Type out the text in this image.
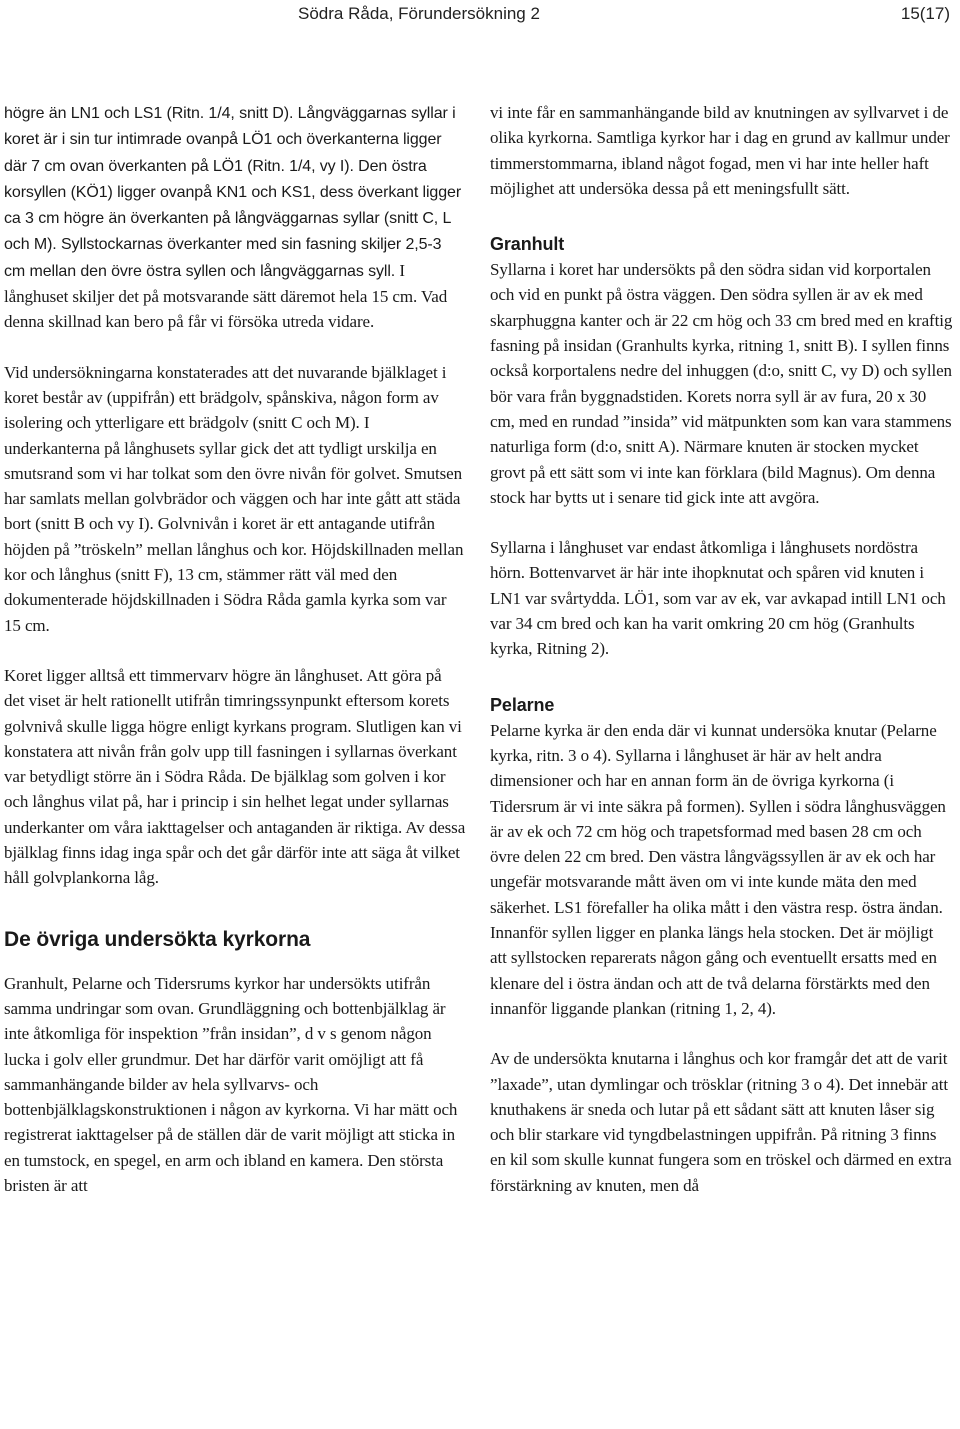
Södra Råda, Förundersökning 2	15(17)

högre än LN1 och LS1 (Ritn. 1/4, snitt D). Långväggarnas syllar i koret är i sin tur intimrade ovanpå LÖ1 och överkanterna ligger där 7 cm ovan överkanten på LÖ1 (Ritn. 1/4, vy I). Den östra korsyllen (KÖ1) ligger ovanpå KN1 och KS1, dess överkant ligger ca 3 cm högre än överkanten på långväggarnas syllar (snitt C, L och M). Syllstockarnas överkanter med sin fasning skiljer 2,5-3 cm mellan den övre östra syllen och långväggarnas syll. I långhuset skiljer det på motsvarande sätt däremot hela 15 cm. Vad denna skillnad kan bero på får vi försöka utreda vidare.

Vid undersökningarna konstaterades att det nuvarande bjälklaget i koret består av (uppifrån) ett brädgolv, spånskiva, någon form av isolering och ytterligare ett brädgolv (snitt C och M). I underkanterna på långhusets syllar gick det att tydligt urskilja en smutsrand som vi har tolkat som den övre nivån för golvet. Smutsen har samlats mellan golvbrädor och väggen och har inte gått att städa bort (snitt B och vy I). Golvnivån i koret är ett antagande utifrån höjden på ”tröskeln” mellan långhus och kor. Höjdskillnaden mellan kor och långhus (snitt F), 13 cm, stämmer rätt väl med den dokumenterade höjdskillnaden i Södra Råda gamla kyrka som var 15 cm.

Koret ligger alltså ett timmervarv högre än långhuset. Att göra på det viset är helt rationellt utifrån timringssynpunkt eftersom korets golvnivå skulle ligga högre enligt kyrkans program. Slutligen kan vi konstatera att nivån från golv upp till fasningen i syllarnas överkant var betydligt större än i Södra Råda. De bjälklag som golven i kor och långhus vilat på, har i princip i sin helhet legat under syllarnas underkanter om våra iakttagelser och antaganden är riktiga. Av dessa bjälklag finns idag inga spår och det går därför inte att säga åt vilket håll golvplankorna låg.

De övriga undersökta kyrkorna

Granhult, Pelarne och Tidersrums kyrkor har undersökts utifrån samma undringar som ovan. Grundläggning och bottenbjälklag är inte åtkomliga för inspektion ”från insidan”, d v s genom någon lucka i golv eller grundmur. Det har därför varit omöjligt att få sammanhängande bilder av hela syllvarvs- och bottenbjälklagskonstruktionen i någon av kyrkorna. Vi har mätt och registrerat iakttagelser på de ställen där de varit möjligt att sticka in en tumstock, en spegel, en arm och ibland en kamera. Den största bristen är att

vi inte får en sammanhängande bild av knutningen av syllvarvet i de olika kyrkorna. Samtliga kyrkor har i dag en grund av kallmur under timmerstommarna, ibland något fogad, men vi har inte heller haft möjlighet att undersöka dessa på ett meningsfullt sätt.

Granhult

Syllarna i koret har undersökts på den södra sidan vid korportalen och vid en punkt på östra väggen. Den södra syllen är av ek med skarphuggna kanter och är 22 cm hög och 33 cm bred med en kraftig fasning på insidan (Granhults kyrka, ritning 1, snitt B). I syllen finns också korportalens nedre del inhuggen (d:o, snitt C, vy D) och syllen bör vara från byggnadstiden. Korets norra syll är av fura, 20 x 30 cm, med en rundad ”insida” vid mätpunkten som kan vara stammens naturliga form (d:o, snitt A). Närmare knuten är stocken mycket grovt på ett sätt som vi inte kan förklara (bild Magnus). Om denna stock har bytts ut i senare tid gick inte att avgöra.

Syllarna i långhuset var endast åtkomliga i långhusets nordöstra hörn. Bottenvarvet är här inte ihopknutat och spåren vid knuten i LN1 var svårtydda. LÖ1, som var av ek, var avkapad intill LN1 och var 34 cm bred och kan ha varit omkring 20 cm hög (Granhults kyrka, Ritning 2).

Pelarne

Pelarne kyrka är den enda där vi kunnat undersöka knutar (Pelarne kyrka, ritn. 3 o 4). Syllarna i långhuset är här av helt andra dimensioner och har en annan form än de övriga kyrkorna (i Tidersrum är vi inte säkra på formen). Syllen i södra långhusväggen är av ek och 72 cm hög och trapetsformad med basen 28 cm och övre delen 22 cm bred. Den västra långvägssyllen är av ek och har ungefär motsvarande mått även om vi inte kunde mäta den med säkerhet. LS1 förefaller ha olika mått i den västra resp. östra ändan. Innanför syllen ligger en planka längs hela stocken. Det är möjligt att syllstocken reparerats någon gång och eventuellt ersatts med en klenare del i östra ändan och att de två delarna förstärkts med den innanför liggande plankan (ritning 1, 2, 4).

Av de undersökta knutarna i långhus och kor framgår det att de varit ”laxade”, utan dymlingar och trösklar (ritning 3 o 4). Det innebär att knuthakens är sneda och lutar på ett sådant sätt att knuten låser sig och blir starkare vid tyngdbelastningen uppifrån. På ritning 3 finns en kil som skulle kunnat fungera som en tröskel och därmed en extra förstärkning av knuten, men då
